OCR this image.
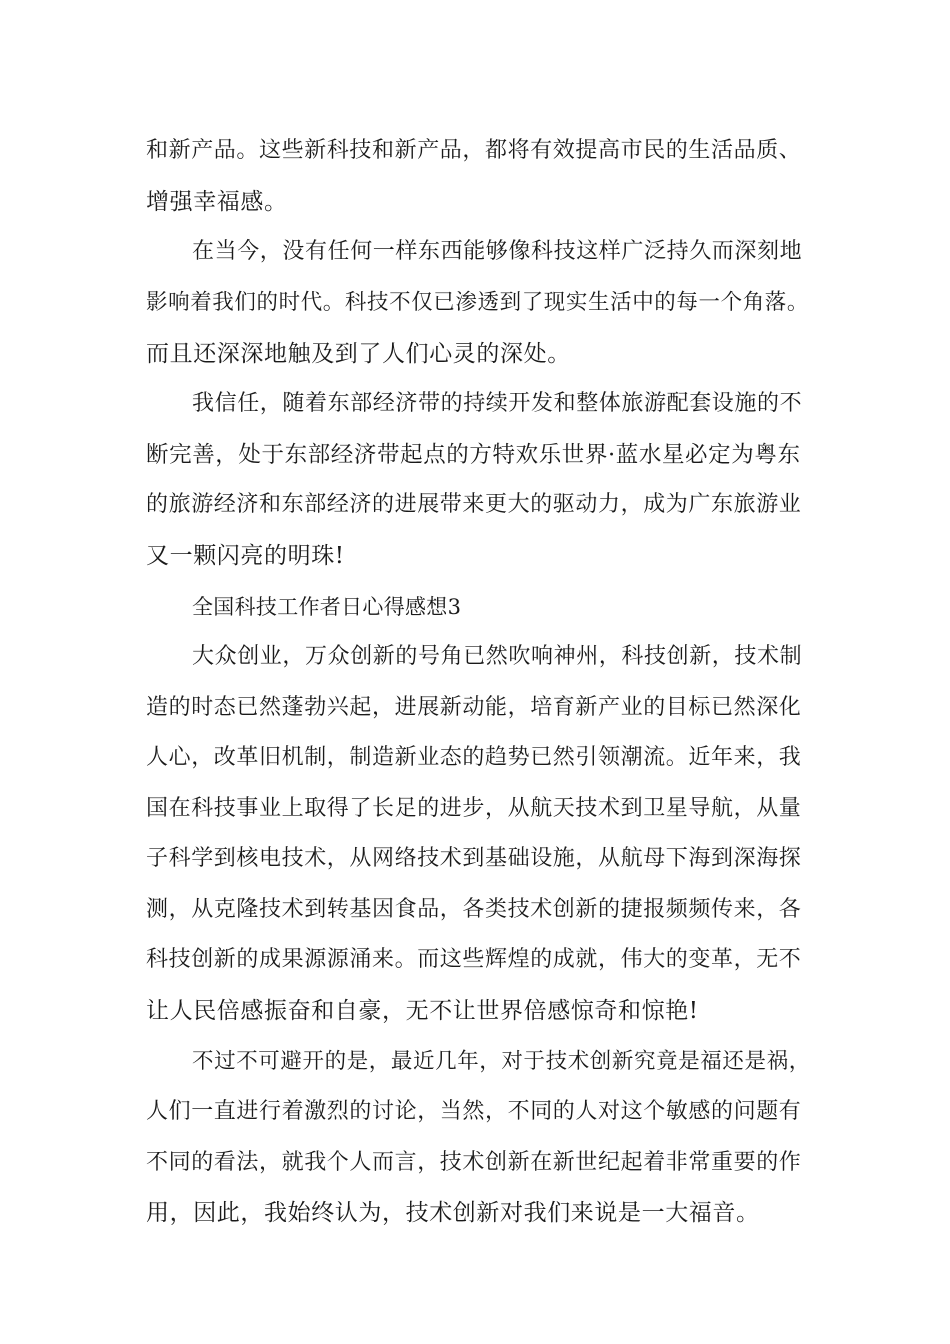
和新产品。这些新科技和新产品，都将有效提高市民的生活品质、
增强幸福感。
在当今，没有任何一样东西能够像科技这样广泛持久而深刻地
影响着我们的时代。科技不仅已渗透到了现实生活中的每一个角落。
而且还深深地触及到了人们心灵的深处。
我信任，随着东部经济带的持续开发和整体旅游配套设施的不
断完善，处于东部经济带起点的方特欢乐世界·蓝水星必定为粤东
的旅游经济和东部经济的进展带来更大的驱动力，成为广东旅游业
又一颗闪亮的明珠!
全国科技工作者日心得感想3
大众创业，万众创新的号角已然吹响神州，科技创新，技术制
造的时态已然蓬勃兴起，进展新动能，培育新产业的目标已然深化
人心，改革旧机制，制造新业态的趋势已然引领潮流。近年来，我
国在科技事业上取得了长足的进步，从航天技术到卫星导航，从量
子科学到核电技术，从网络技术到基础设施，从航母下海到深海探
测，从克隆技术到转基因食品，各类技术创新的捷报频频传来，各
科技创新的成果源源涌来。而这些辉煌的成就，伟大的变革，无不
让人民倍感振奋和自豪，无不让世界倍感惊奇和惊艳!
不过不可避开的是，最近几年，对于技术创新究竟是福还是祸，
人们一直进行着激烈的讨论，当然，不同的人对这个敏感的问题有
不同的看法，就我个人而言，技术创新在新世纪起着非常重要的作
用，因此，我始终认为，技术创新对我们来说是一大福音。
